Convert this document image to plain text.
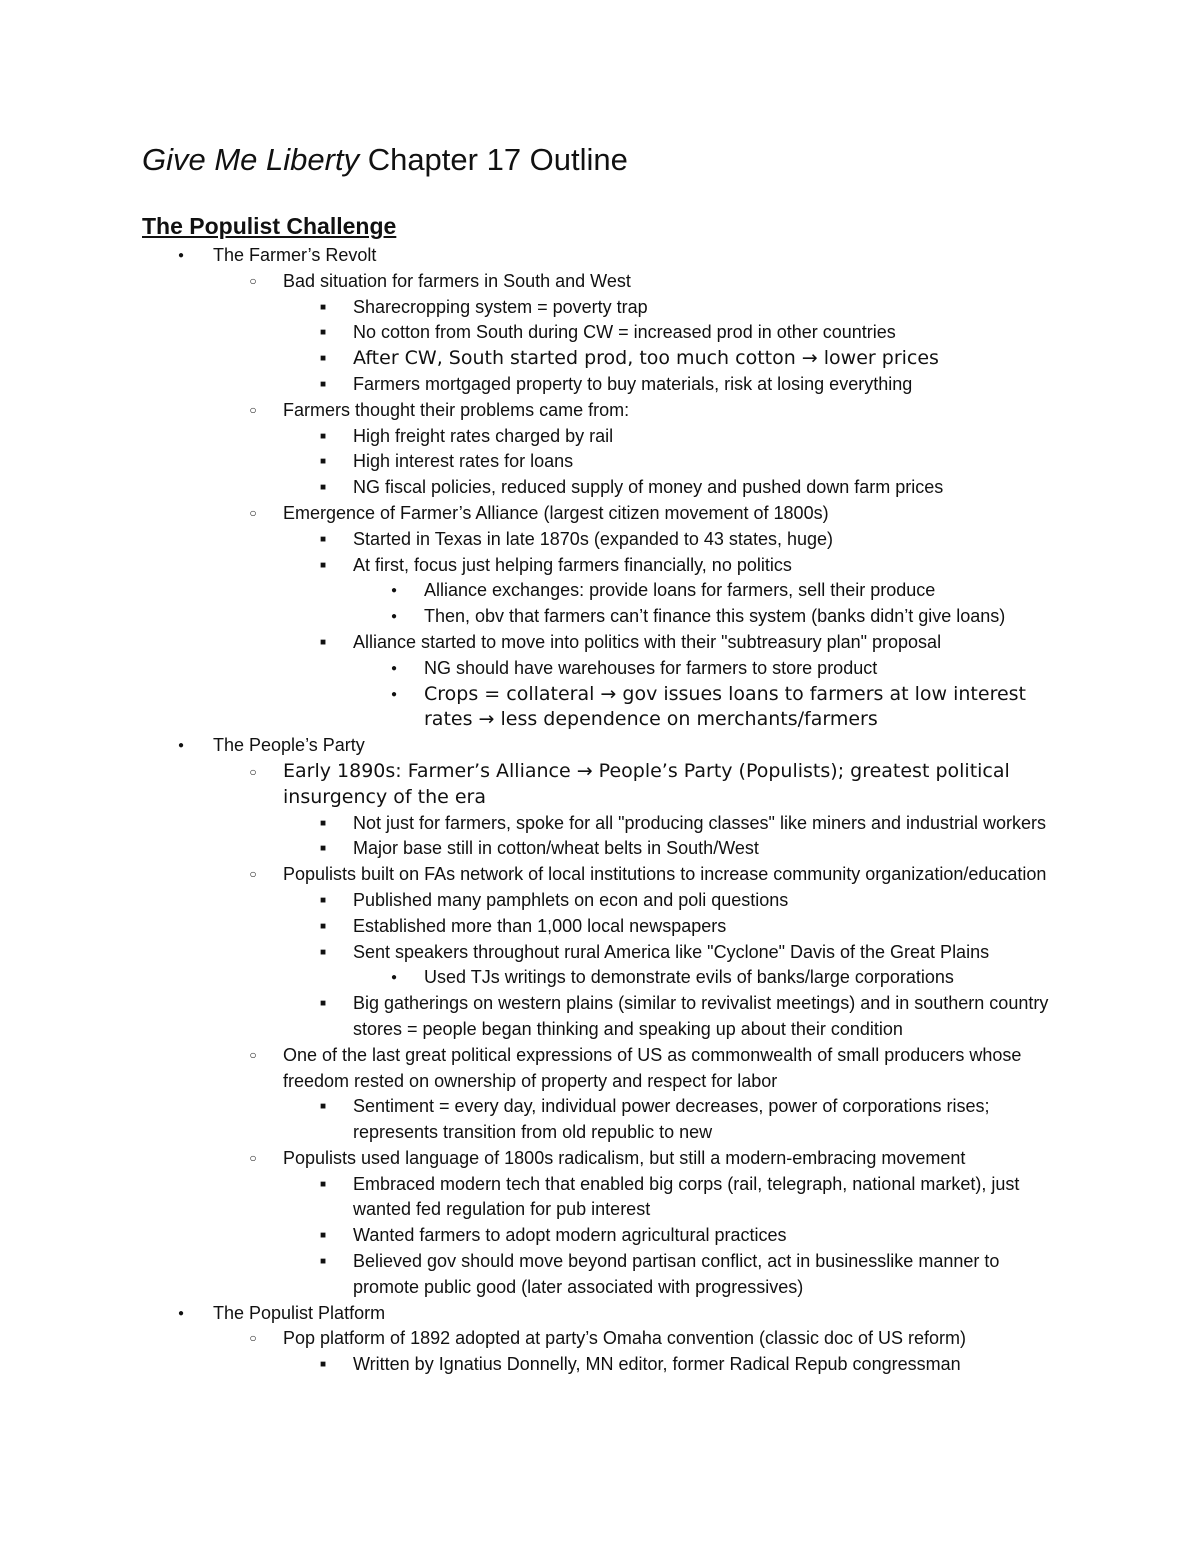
Give Me Liberty Chapter 17 Outline
The Populist Challenge
● The Farmer’s Revolt
○ Bad situation for farmers in South and West
■ Sharecropping system = poverty trap
■ No cotton from South during CW = increased prod in other countries
■ After CW, South started prod, too much cotton → lower prices
■ Farmers mortgaged property to buy materials, risk at losing everything
○ Farmers thought their problems came from:
■ High freight rates charged by rail
■ High interest rates for loans
■ NG fiscal policies, reduced supply of money and pushed down farm prices
○ Emergence of Farmer’s Alliance (largest citizen movement of 1800s)
■ Started in Texas in late 1870s (expanded to 43 states, huge)
■ At first, focus just helping farmers financially, no politics
● Alliance exchanges: provide loans for farmers, sell their produce
● Then, obv that farmers can’t finance this system (banks didn’t give loans)
■ Alliance started to move into politics with their "subtreasury plan" proposal
● NG should have warehouses for farmers to store product
● Crops = collateral → gov issues loans to farmers at low interest rates → less dependence on merchants/farmers
● The People’s Party
○ Early 1890s: Farmer’s Alliance → People’s Party (Populists); greatest political insurgency of the era
■ Not just for farmers, spoke for all "producing classes" like miners and industrial workers
■ Major base still in cotton/wheat belts in South/West
○ Populists built on FAs network of local institutions to increase community organization/education
■ Published many pamphlets on econ and poli questions
■ Established more than 1,000 local newspapers
■ Sent speakers throughout rural America like "Cyclone" Davis of the Great Plains
● Used TJs writings to demonstrate evils of banks/large corporations
■ Big gatherings on western plains (similar to revivalist meetings) and in southern country stores = people began thinking and speaking up about their condition
○ One of the last great political expressions of US as commonwealth of small producers whose freedom rested on ownership of property and respect for labor
■ Sentiment = every day, individual power decreases, power of corporations rises; represents transition from old republic to new
○ Populists used language of 1800s radicalism, but still a modern-embracing movement
■ Embraced modern tech that enabled big corps (rail, telegraph, national market), just wanted fed regulation for pub interest
■ Wanted farmers to adopt modern agricultural practices
■ Believed gov should move beyond partisan conflict, act in businesslike manner to promote public good (later associated with progressives)
● The Populist Platform
○ Pop platform of 1892 adopted at party’s Omaha convention (classic doc of US reform)
■ Written by Ignatius Donnelly, MN editor, former Radical Repub congressman
